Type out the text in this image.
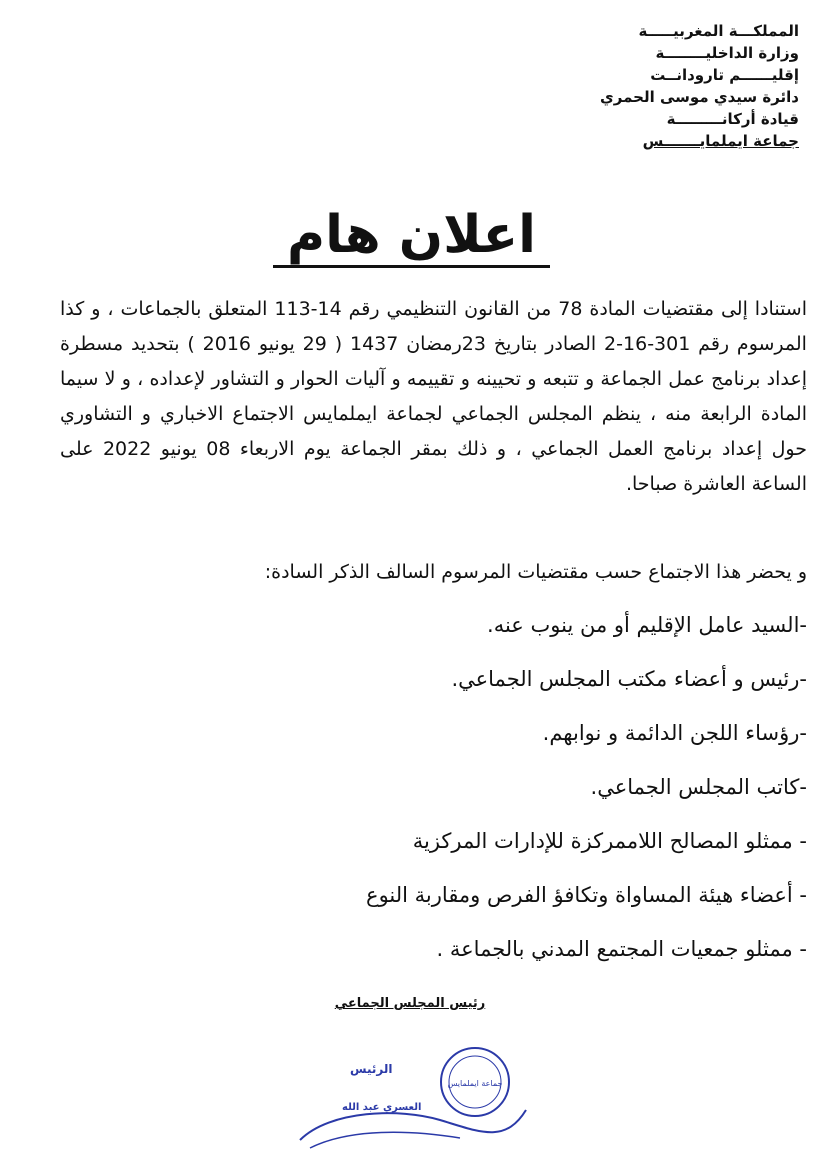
المملكـــة المغربيـــــة
وزارة الداخليــــــــة
إقليــــــم تارودانــت
دائرة سيدي موسى الحمري
قيادة أركانـــــــــة
جماعة ايملمايـــــــس
اعلان هام
استنادا إلى مقتضيات المادة 78 من القانون التنظيمي رقم 14-113 المتعلق بالجماعات ، و كذا المرسوم رقم 301-16-2 الصادر بتاريخ 23رمضان 1437 ( 29 يونيو 2016 ) بتحديد مسطرة إعداد برنامج عمل الجماعة و تتبعه و تحيينه و تقييمه و آليات الحوار و التشاور لإعداده ، و لا سيما المادة الرابعة منه ، ينظم المجلس الجماعي لجماعة ايملمايس الاجتماع الاخباري و التشاوري حول إعداد برنامج العمل الجماعي ، و ذلك بمقر الجماعة يوم الاربعاء 08 يونيو 2022 على الساعة العاشرة صباحا.
و يحضر هذا الاجتماع حسب مقتضيات المرسوم السالف الذكر السادة:
-السيد عامل الإقليم أو من ينوب عنه.
-رئيس و أعضاء مكتب المجلس الجماعي.
-رؤساء اللجن الدائمة و نوابهم.
-كاتب المجلس الجماعي.
- ممثلو المصالح اللاممركزة للإدارات المركزية
- أعضاء هيئة المساواة وتكافؤ الفرص ومقاربة النوع
- ممثلو جمعيات المجتمع المدني بالجماعة .
رئيس المجلس الجماعي
جماعة ايملمايس
الرئيس
العسري عبد الله
